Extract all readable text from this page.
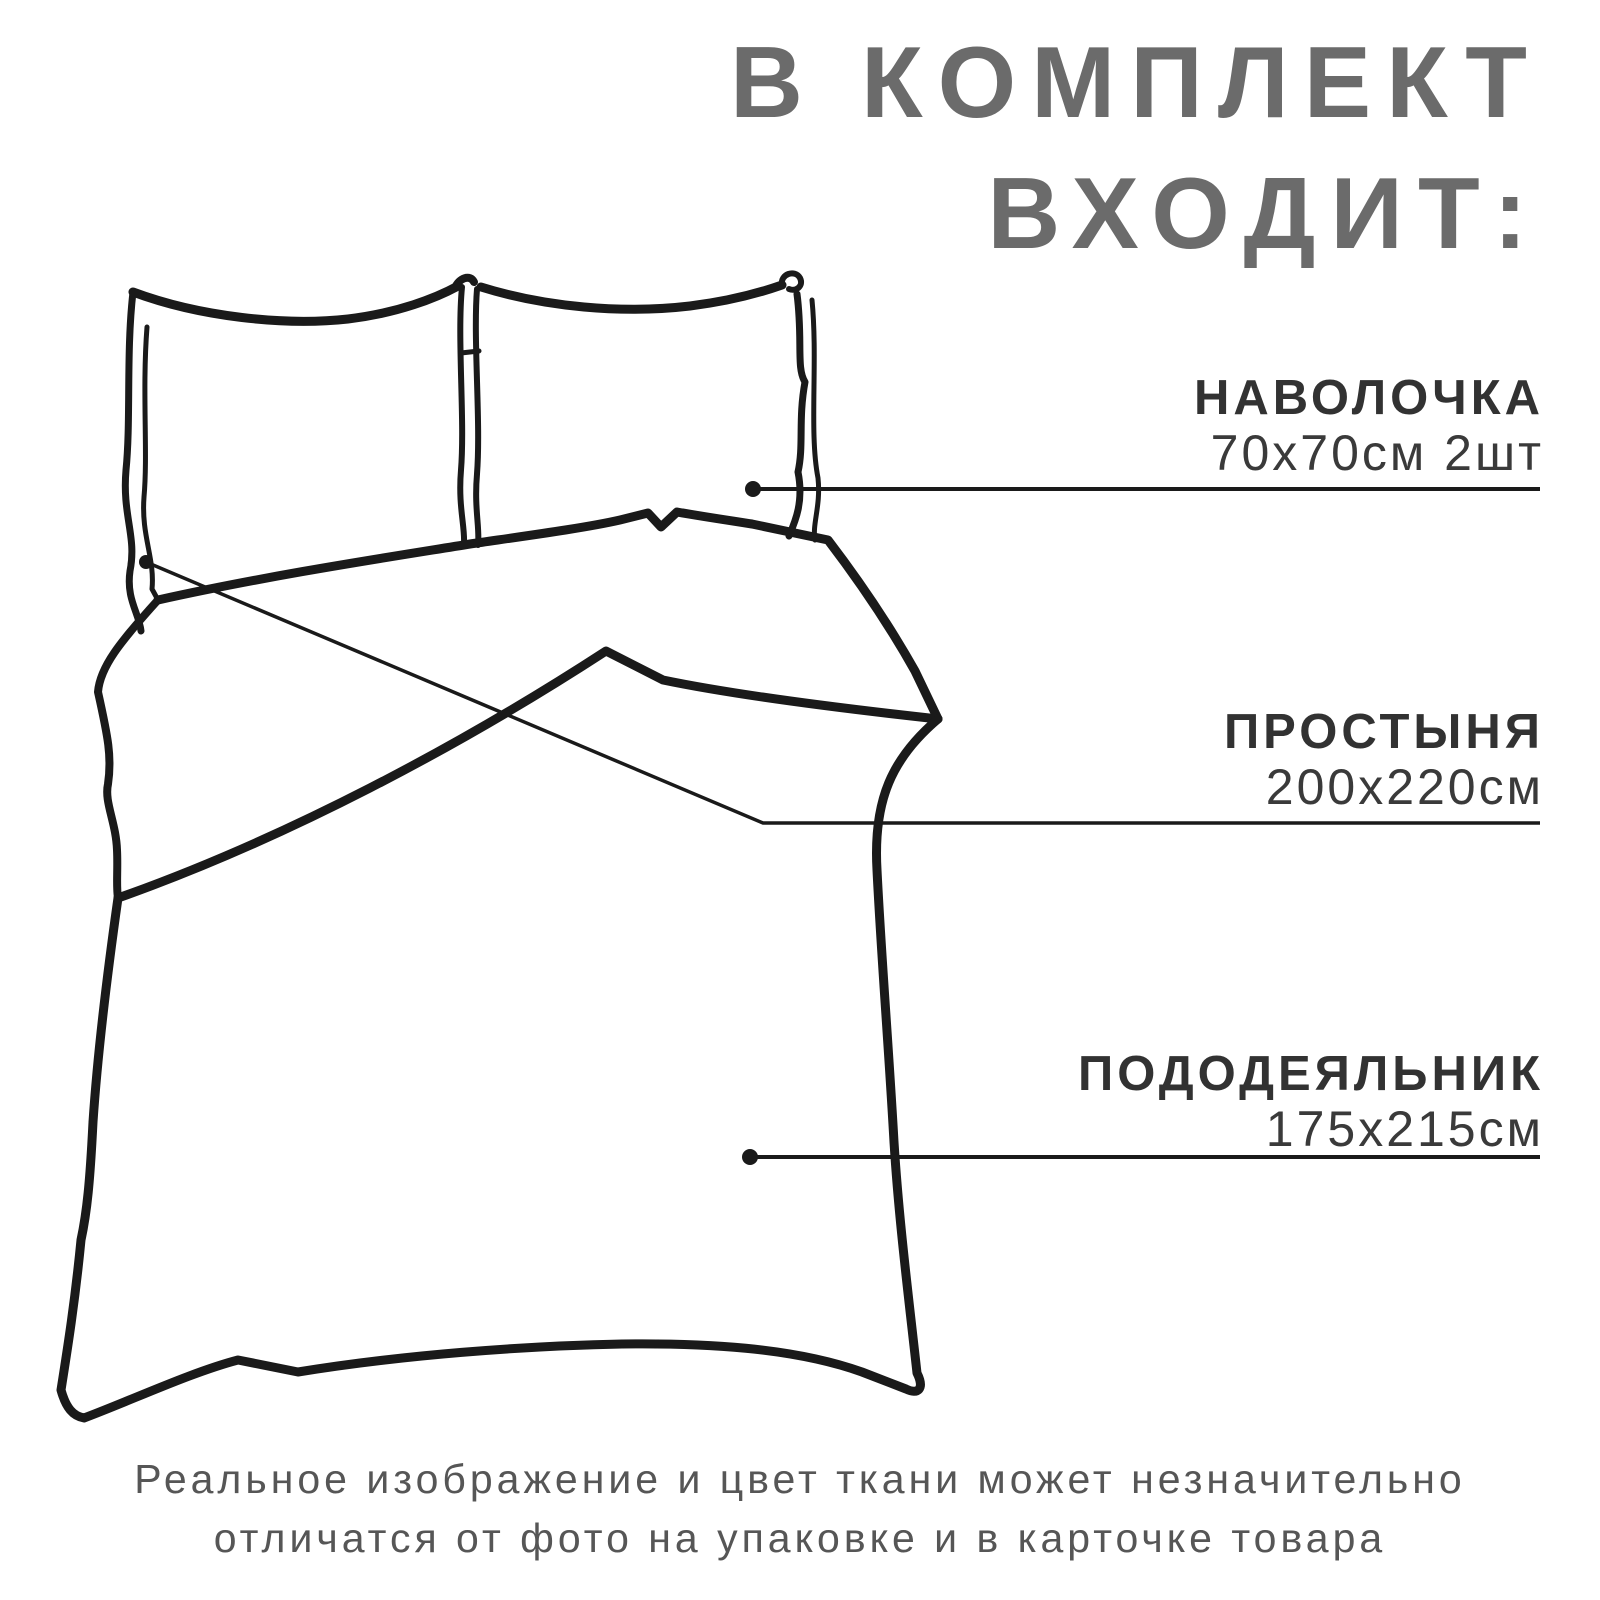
В КОМПЛЕКТ
ВХОДИТ:
НАВОЛОЧКА
70х70см 2шт
ПРОСТЫНЯ
200х220см
ПОДОДЕЯЛЬНИК
175х215см
Реальное изображение и цвет ткани может незначительно
отличатся от фото на упаковке и в карточке товара
